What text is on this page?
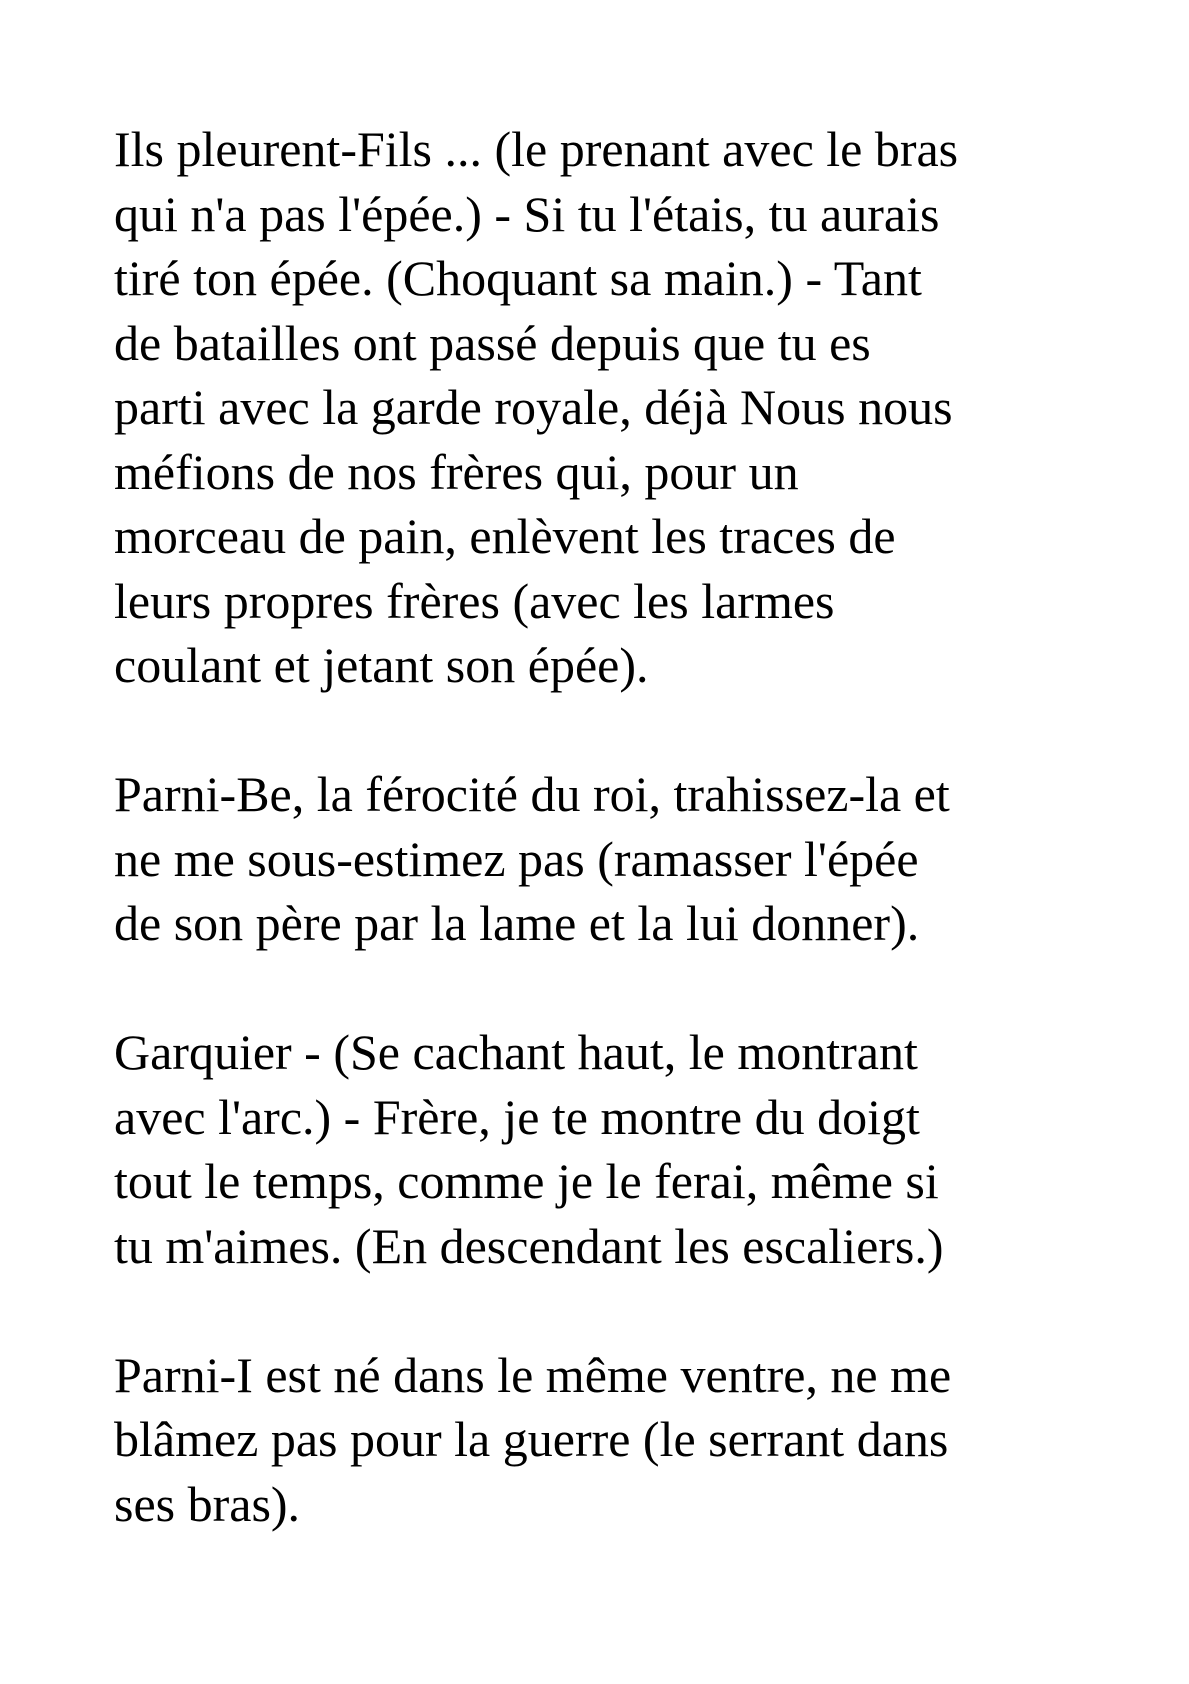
Ils pleurent-Fils ... (le prenant avec le bras
qui n'a pas l'épée.) - Si tu l'étais, tu aurais
tiré ton épée. (Choquant sa main.) - Tant
de batailles ont passé depuis que tu es
parti avec la garde royale, déjà Nous nous
méfions de nos frères qui, pour un
morceau de pain, enlèvent les traces de
leurs propres frères (avec les larmes
coulant et jetant son épée).

Parni-Be, la férocité du roi, trahissez-la et
ne me sous-estimez pas (ramasser l'épée
de son père par la lame et la lui donner).

Garquier - (Se cachant haut, le montrant
avec l'arc.) - Frère, je te montre du doigt
tout le temps, comme je le ferai, même si
tu m'aimes. (En descendant les escaliers.)

Parni-I est né dans le même ventre, ne me
blâmez pas pour la guerre (le serrant dans
ses bras).
